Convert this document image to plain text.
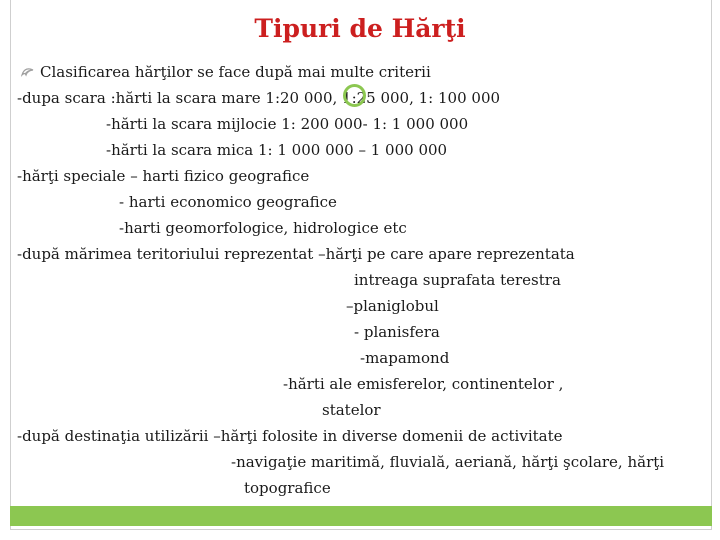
Tipuri de Hărţi
Clasificarea hărţilor se face după mai multe criterii
-dupa scara :hărti la scara mare 1:20 000, 1:25 000, 1: 100 000
-hărti la scara mijlocie 1: 200 000- 1: 1 000 000
-hărti la scara mica 1: 1 000 000 – 1 000 000
-hărţi speciale – harti fizico geografice
- harti economico geografice
-harti geomorfologice, hidrologice etc
-după mărimea teritoriului reprezentat –hărţi pe care apare reprezentata
intreaga suprafata terestra
–planiglobul
- planisfera
-mapamond
-hărti ale emisferelor, continentelor ,
statelor
-după destinaţia utilizării –hărţi folosite in diverse domenii de activitate
-navigaţie maritimă, fluvială, aeriană, hărţi şcolare, hărţi
topografice
